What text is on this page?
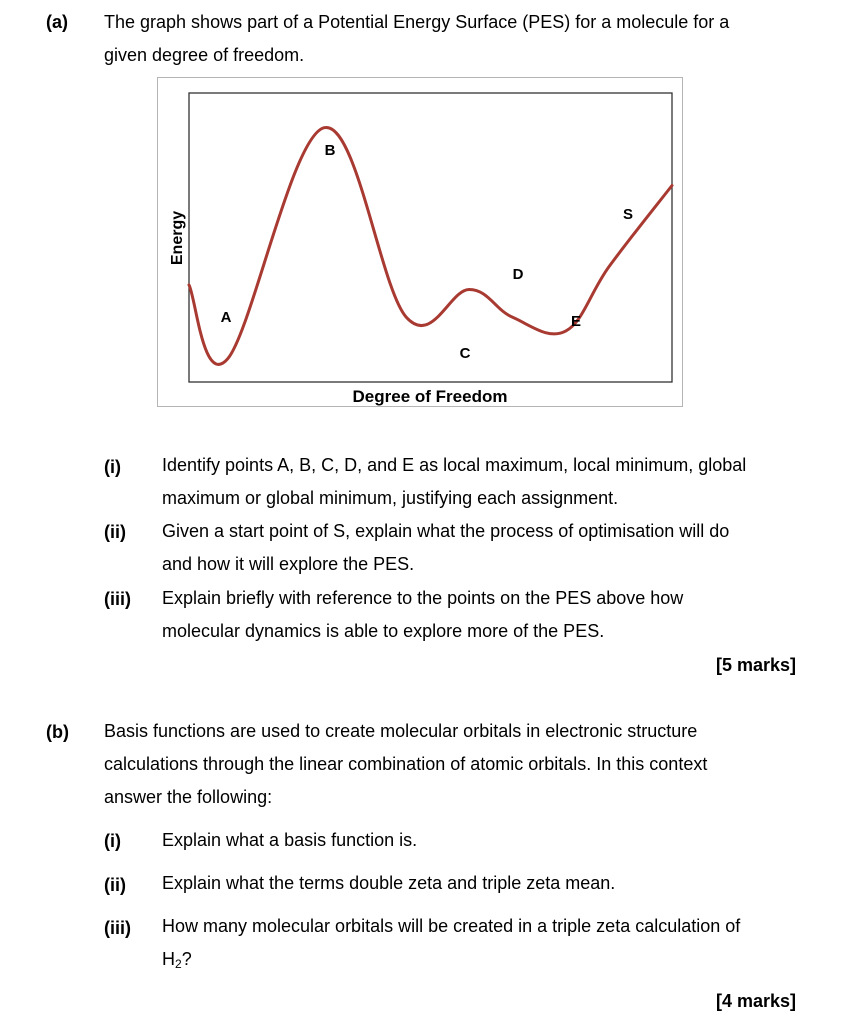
(a) The graph shows part of a Potential Energy Surface (PES) for a molecule for a
given degree of freedom.
Energy
Degree of Freedom
A
B
C
D
E
S
(i) Identify points A, B, C, D, and E as local maximum, local minimum, global
maximum or global minimum, justifying each assignment.
(ii) Given a start point of S, explain what the process of optimisation will do
and how it will explore the PES.
(iii) Explain briefly with reference to the points on the PES above how
molecular dynamics is able to explore more of the PES.
[5 marks]
(b) Basis functions are used to create molecular orbitals in electronic structure
calculations through the linear combination of atomic orbitals. In this context
answer the following:
(i) Explain what a basis function is.
(ii) Explain what the terms double zeta and triple zeta mean.
(iii) How many molecular orbitals will be created in a triple zeta calculation of
$H_2$?
[4 marks]
